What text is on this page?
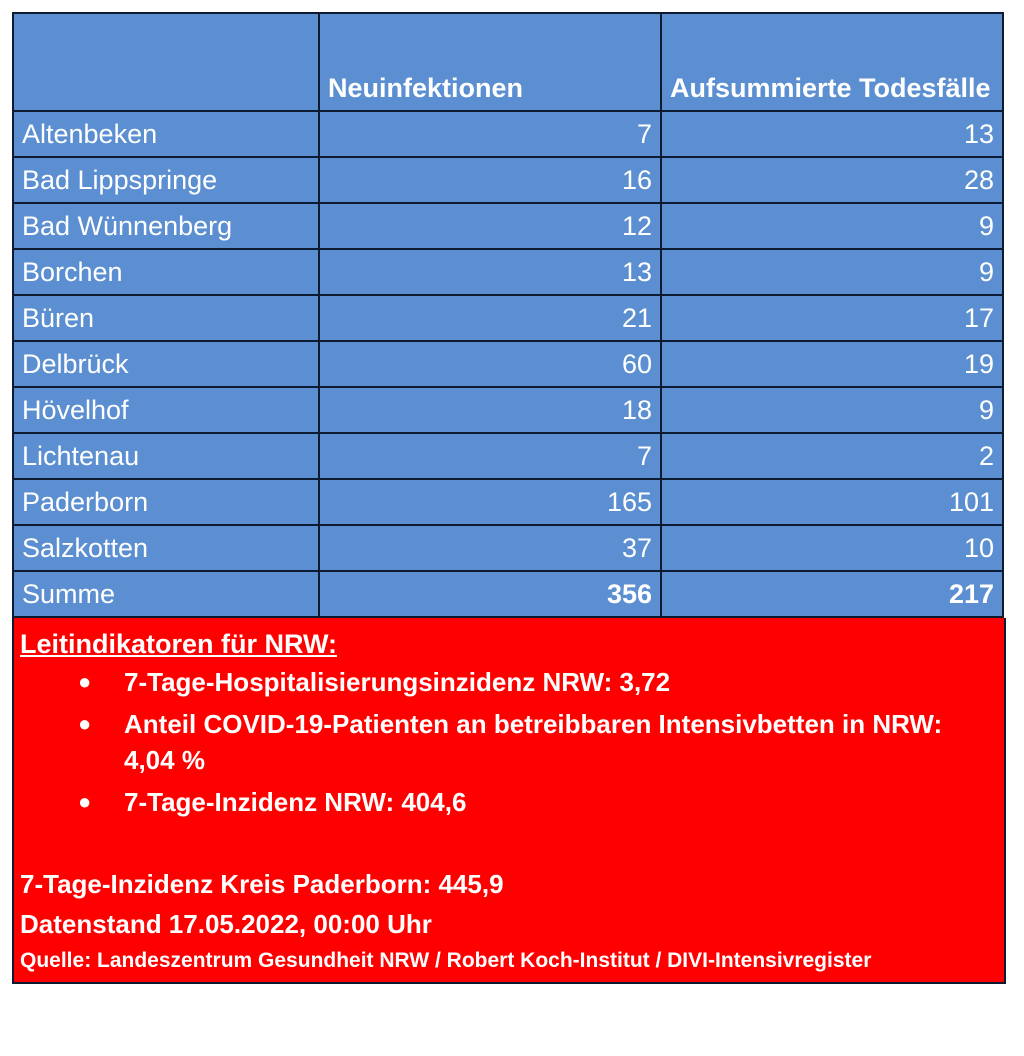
	Neuinfektionen	Aufsummierte Todesfälle
Altenbeken	7	13
Bad Lippspringe	16	28
Bad Wünnenberg	12	9
Borchen	13	9
Büren	21	17
Delbrück	60	19
Hövelhof	18	9
Lichtenau	7	2
Paderborn	165	101
Salzkotten	37	10
Summe	356	217
Leitindikatoren für NRW:
● 7-Tage-Hospitalisierungsinzidenz NRW: 3,72
● Anteil COVID-19-Patienten an betreibbaren Intensivbetten in NRW: 4,04 %
● 7-Tage-Inzidenz NRW: 404,6
7-Tage-Inzidenz Kreis Paderborn: 445,9
Datenstand 17.05.2022, 00:00 Uhr
Quelle: Landeszentrum Gesundheit NRW / Robert Koch-Institut / DIVI-Intensivregister
